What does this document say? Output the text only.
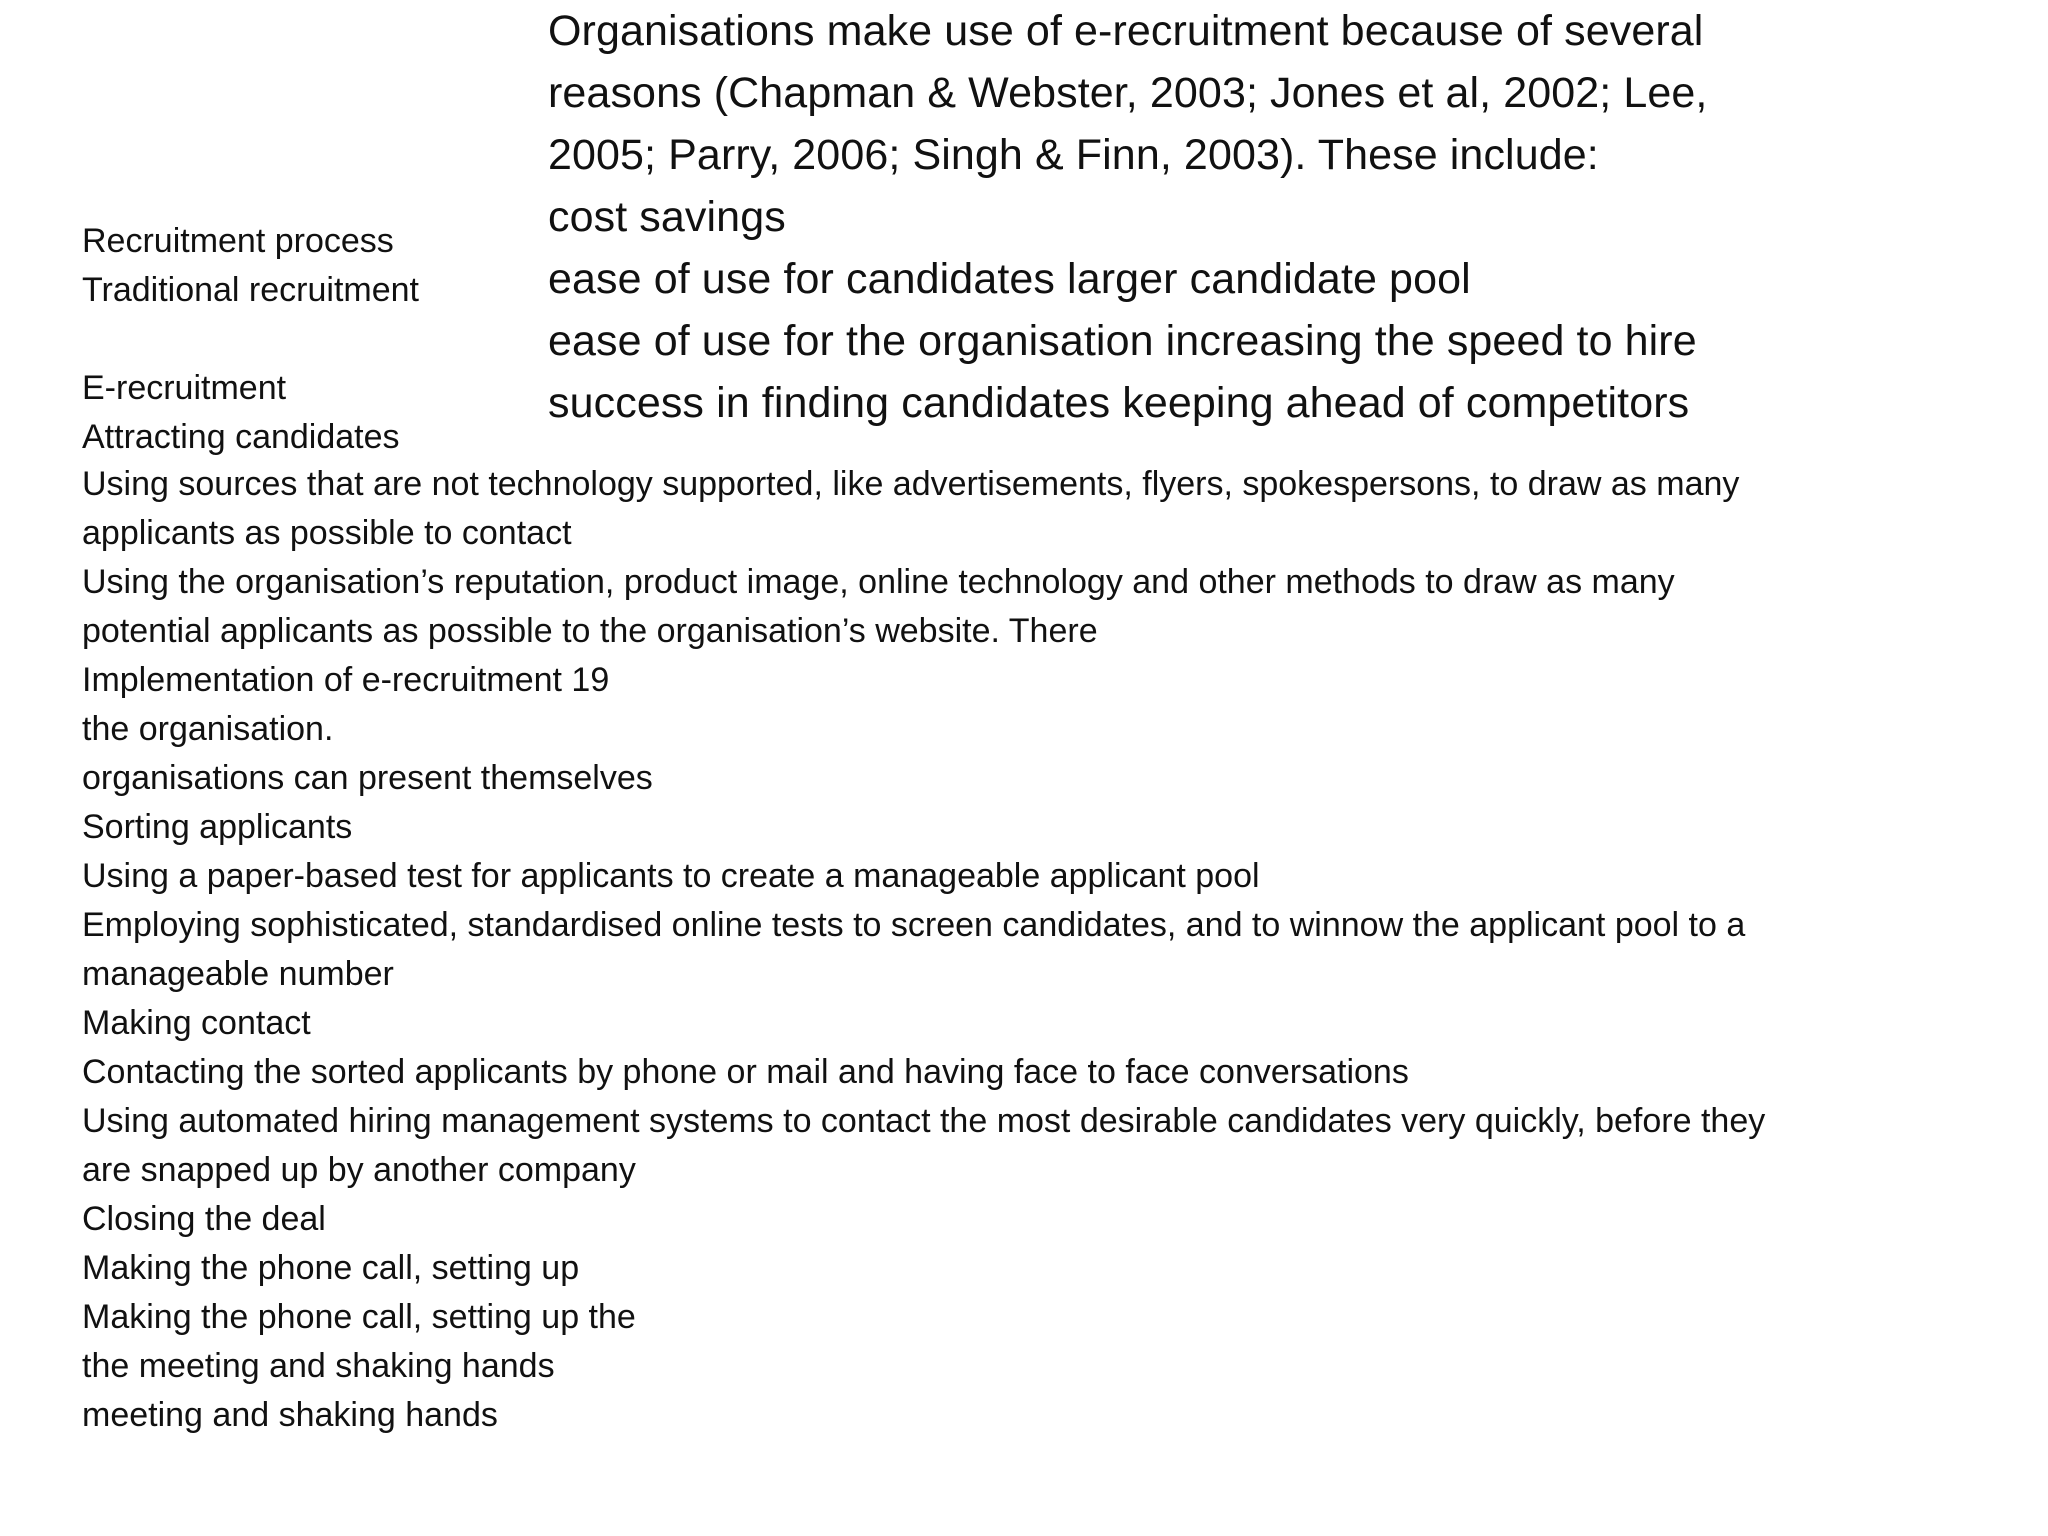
Organisations make use of e-recruitment because of several
reasons (Chapman & Webster, 2003; Jones et al, 2002; Lee,
2005; Parry, 2006; Singh & Finn, 2003). These include:
cost savings
ease of use for candidates larger candidate pool
ease of use for the organisation increasing the speed to hire
success in finding candidates keeping ahead of competitors
Recruitment process
Traditional recruitment
E-recruitment
Attracting candidates
Using sources that are not technology supported, like advertisements, flyers, spokespersons, to draw as many
applicants as possible to contact
Using the organisation’s reputation, product image, online technology and other methods to draw as many
potential applicants as possible to the organisation’s website. There
Implementation of e-recruitment 19
the organisation.
organisations can present themselves
Sorting applicants
Using a paper-based test for applicants to create a manageable applicant pool
Employing sophisticated, standardised online tests to screen candidates, and to winnow the applicant pool to a
manageable number
Making contact
Contacting the sorted applicants by phone or mail and having face to face conversations
Using automated hiring management systems to contact the most desirable candidates very quickly, before they
are snapped up by another company
Closing the deal
Making the phone call, setting up
Making the phone call, setting up the
the meeting and shaking hands
meeting and shaking hands
